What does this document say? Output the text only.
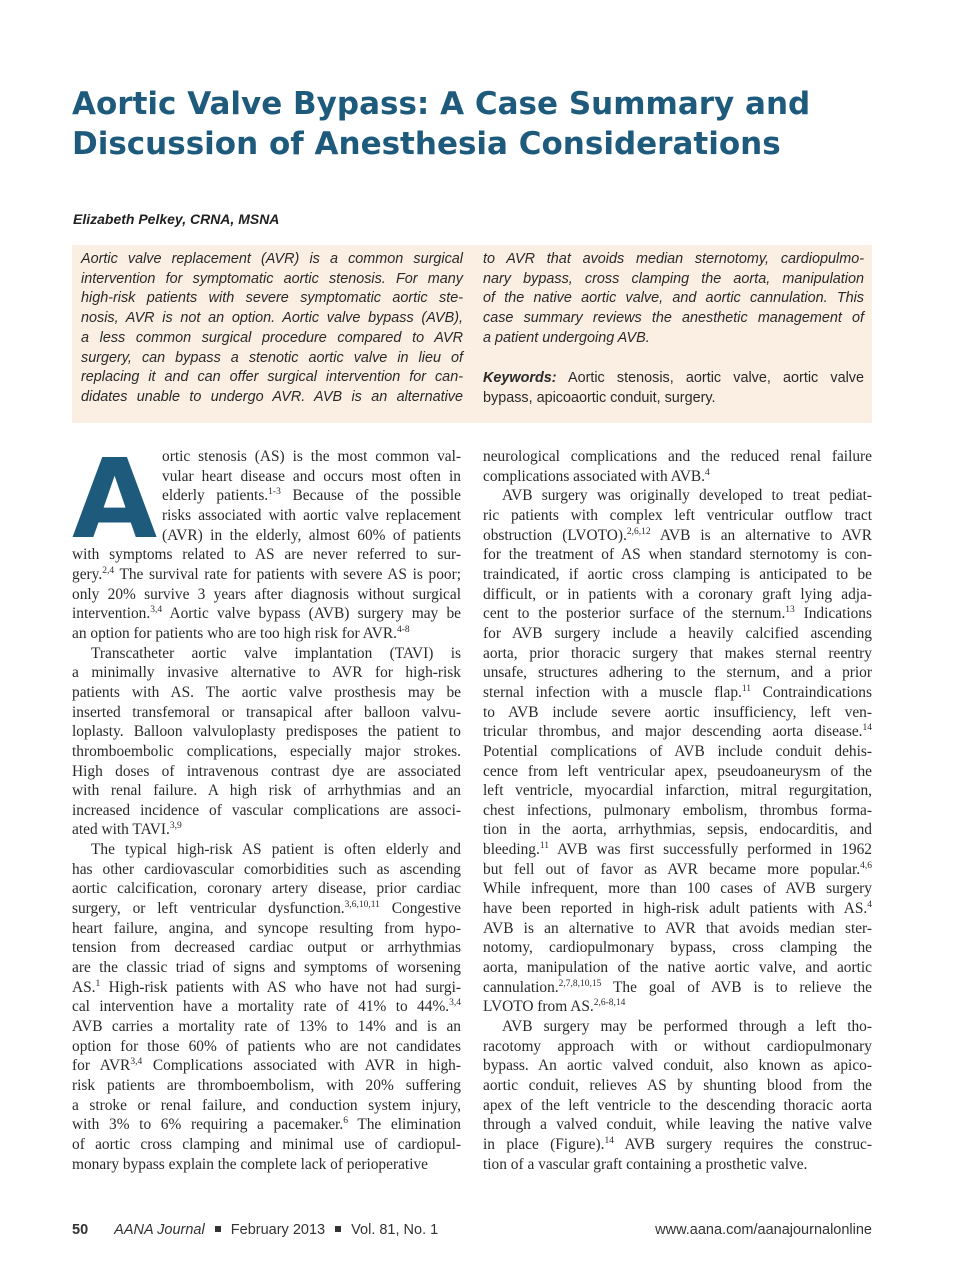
Aortic Valve Bypass: A Case Summary and
Discussion of Anesthesia Considerations
Elizabeth Pelkey, CRNA, MSNA
Aortic valve replacement (AVR) is a common surgical
intervention for symptomatic aortic stenosis. For many
high-risk patients with severe symptomatic aortic ste-
nosis, AVR is not an option. Aortic valve bypass (AVB),
a less common surgical procedure compared to AVR
surgery, can bypass a stenotic aortic valve in lieu of
replacing it and can offer surgical intervention for can-
didates unable to undergo AVR. AVB is an alternative
to AVR that avoids median sternotomy, cardiopulmo-
nary bypass, cross clamping the aorta, manipulation
of the native aortic valve, and aortic cannulation. This
case summary reviews the anesthetic management of
a patient undergoing AVB.
Keywords: Aortic stenosis, aortic valve, aortic valve
bypass, apicoaortic conduit, surgery.
A ortic stenosis (AS) is the most common val-
vular heart disease and occurs most often in
elderly patients.$^{1-3}$ Because of the possible
risks associated with aortic valve replacement
(AVR) in the elderly, almost 60% of patients
with symptoms related to AS are never referred to sur-
gery.$^{2,4}$ The survival rate for patients with severe AS is poor;
only 20% survive 3 years after diagnosis without surgical
intervention.$^{3,4}$ Aortic valve bypass (AVB) surgery may be
an option for patients who are too high risk for AVR.$^{4-8}$
Transcatheter aortic valve implantation (TAVI) is
a minimally invasive alternative to AVR for high-risk
patients with AS. The aortic valve prosthesis may be
inserted transfemoral or transapical after balloon valvu-
loplasty. Balloon valvuloplasty predisposes the patient to
thromboembolic complications, especially major strokes.
High doses of intravenous contrast dye are associated
with renal failure. A high risk of arrhythmias and an
increased incidence of vascular complications are associ-
ated with TAVI.$^{3,9}$
The typical high-risk AS patient is often elderly and
has other cardiovascular comorbidities such as ascending
aortic calcification, coronary artery disease, prior cardiac
surgery, or left ventricular dysfunction.$^{3,6,10,11}$ Congestive
heart failure, angina, and syncope resulting from hypo-
tension from decreased cardiac output or arrhythmias
are the classic triad of signs and symptoms of worsening
AS.$^1$ High-risk patients with AS who have not had surgi-
cal intervention have a mortality rate of 41% to 44%.$^{3,4}$
AVB carries a mortality rate of 13% to 14% and is an
option for those 60% of patients who are not candidates
for AVR$^{3,4}$ Complications associated with AVR in high-
risk patients are thromboembolism, with 20% suffering
a stroke or renal failure, and conduction system injury,
with 3% to 6% requiring a pacemaker.$^6$ The elimination
of aortic cross clamping and minimal use of cardiopul-
monary bypass explain the complete lack of perioperative
neurological complications and the reduced renal failure
complications associated with AVB.$^4$
AVB surgery was originally developed to treat pediat-
ric patients with complex left ventricular outflow tract
obstruction (LVOTO).$^{2,6,12}$ AVB is an alternative to AVR
for the treatment of AS when standard sternotomy is con-
traindicated, if aortic cross clamping is anticipated to be
difficult, or in patients with a coronary graft lying adja-
cent to the posterior surface of the sternum.$^{13}$ Indications
for AVB surgery include a heavily calcified ascending
aorta, prior thoracic surgery that makes sternal reentry
unsafe, structures adhering to the sternum, and a prior
sternal infection with a muscle flap.$^{11}$ Contraindications
to AVB include severe aortic insufficiency, left ven-
tricular thrombus, and major descending aorta disease.$^{14}$
Potential complications of AVB include conduit dehis-
cence from left ventricular apex, pseudoaneurysm of the
left ventricle, myocardial infarction, mitral regurgitation,
chest infections, pulmonary embolism, thrombus forma-
tion in the aorta, arrhythmias, sepsis, endocarditis, and
bleeding.$^{11}$ AVB was first successfully performed in 1962
but fell out of favor as AVR became more popular.$^{4,6}$
While infrequent, more than 100 cases of AVB surgery
have been reported in high-risk adult patients with AS.$^4$
AVB is an alternative to AVR that avoids median ster-
notomy, cardiopulmonary bypass, cross clamping the
aorta, manipulation of the native aortic valve, and aortic
cannulation.$^{2,7,8,10,15}$ The goal of AVB is to relieve the
LVOTO from AS.$^{2,6-8,14}$
AVB surgery may be performed through a left tho-
racotomy approach with or without cardiopulmonary
bypass. An aortic valved conduit, also known as apico-
aortic conduit, relieves AS by shunting blood from the
apex of the left ventricle to the descending thoracic aorta
through a valved conduit, while leaving the native valve
in place (Figure).$^{14}$ AVB surgery requires the construc-
tion of a vascular graft containing a prosthetic valve.
50 AANA Journal February 2013 Vol. 81, No. 1	www.aana.com/aanajournalonline
